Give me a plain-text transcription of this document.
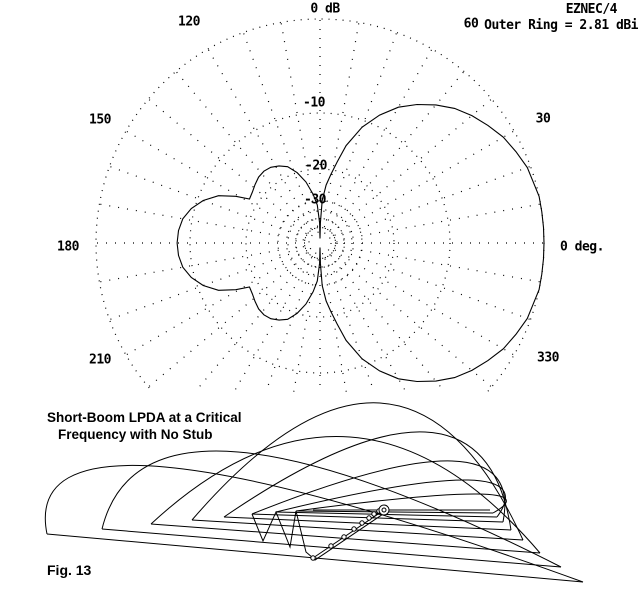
EZNEC/4
Outer Ring = 2.81 dBi
0 dB
-10
-20
-30
120
150
180
210	330
0 deg.
30
60
Short-Boom LPDA at a Critical
Frequency with No Stub
Fig. 13
